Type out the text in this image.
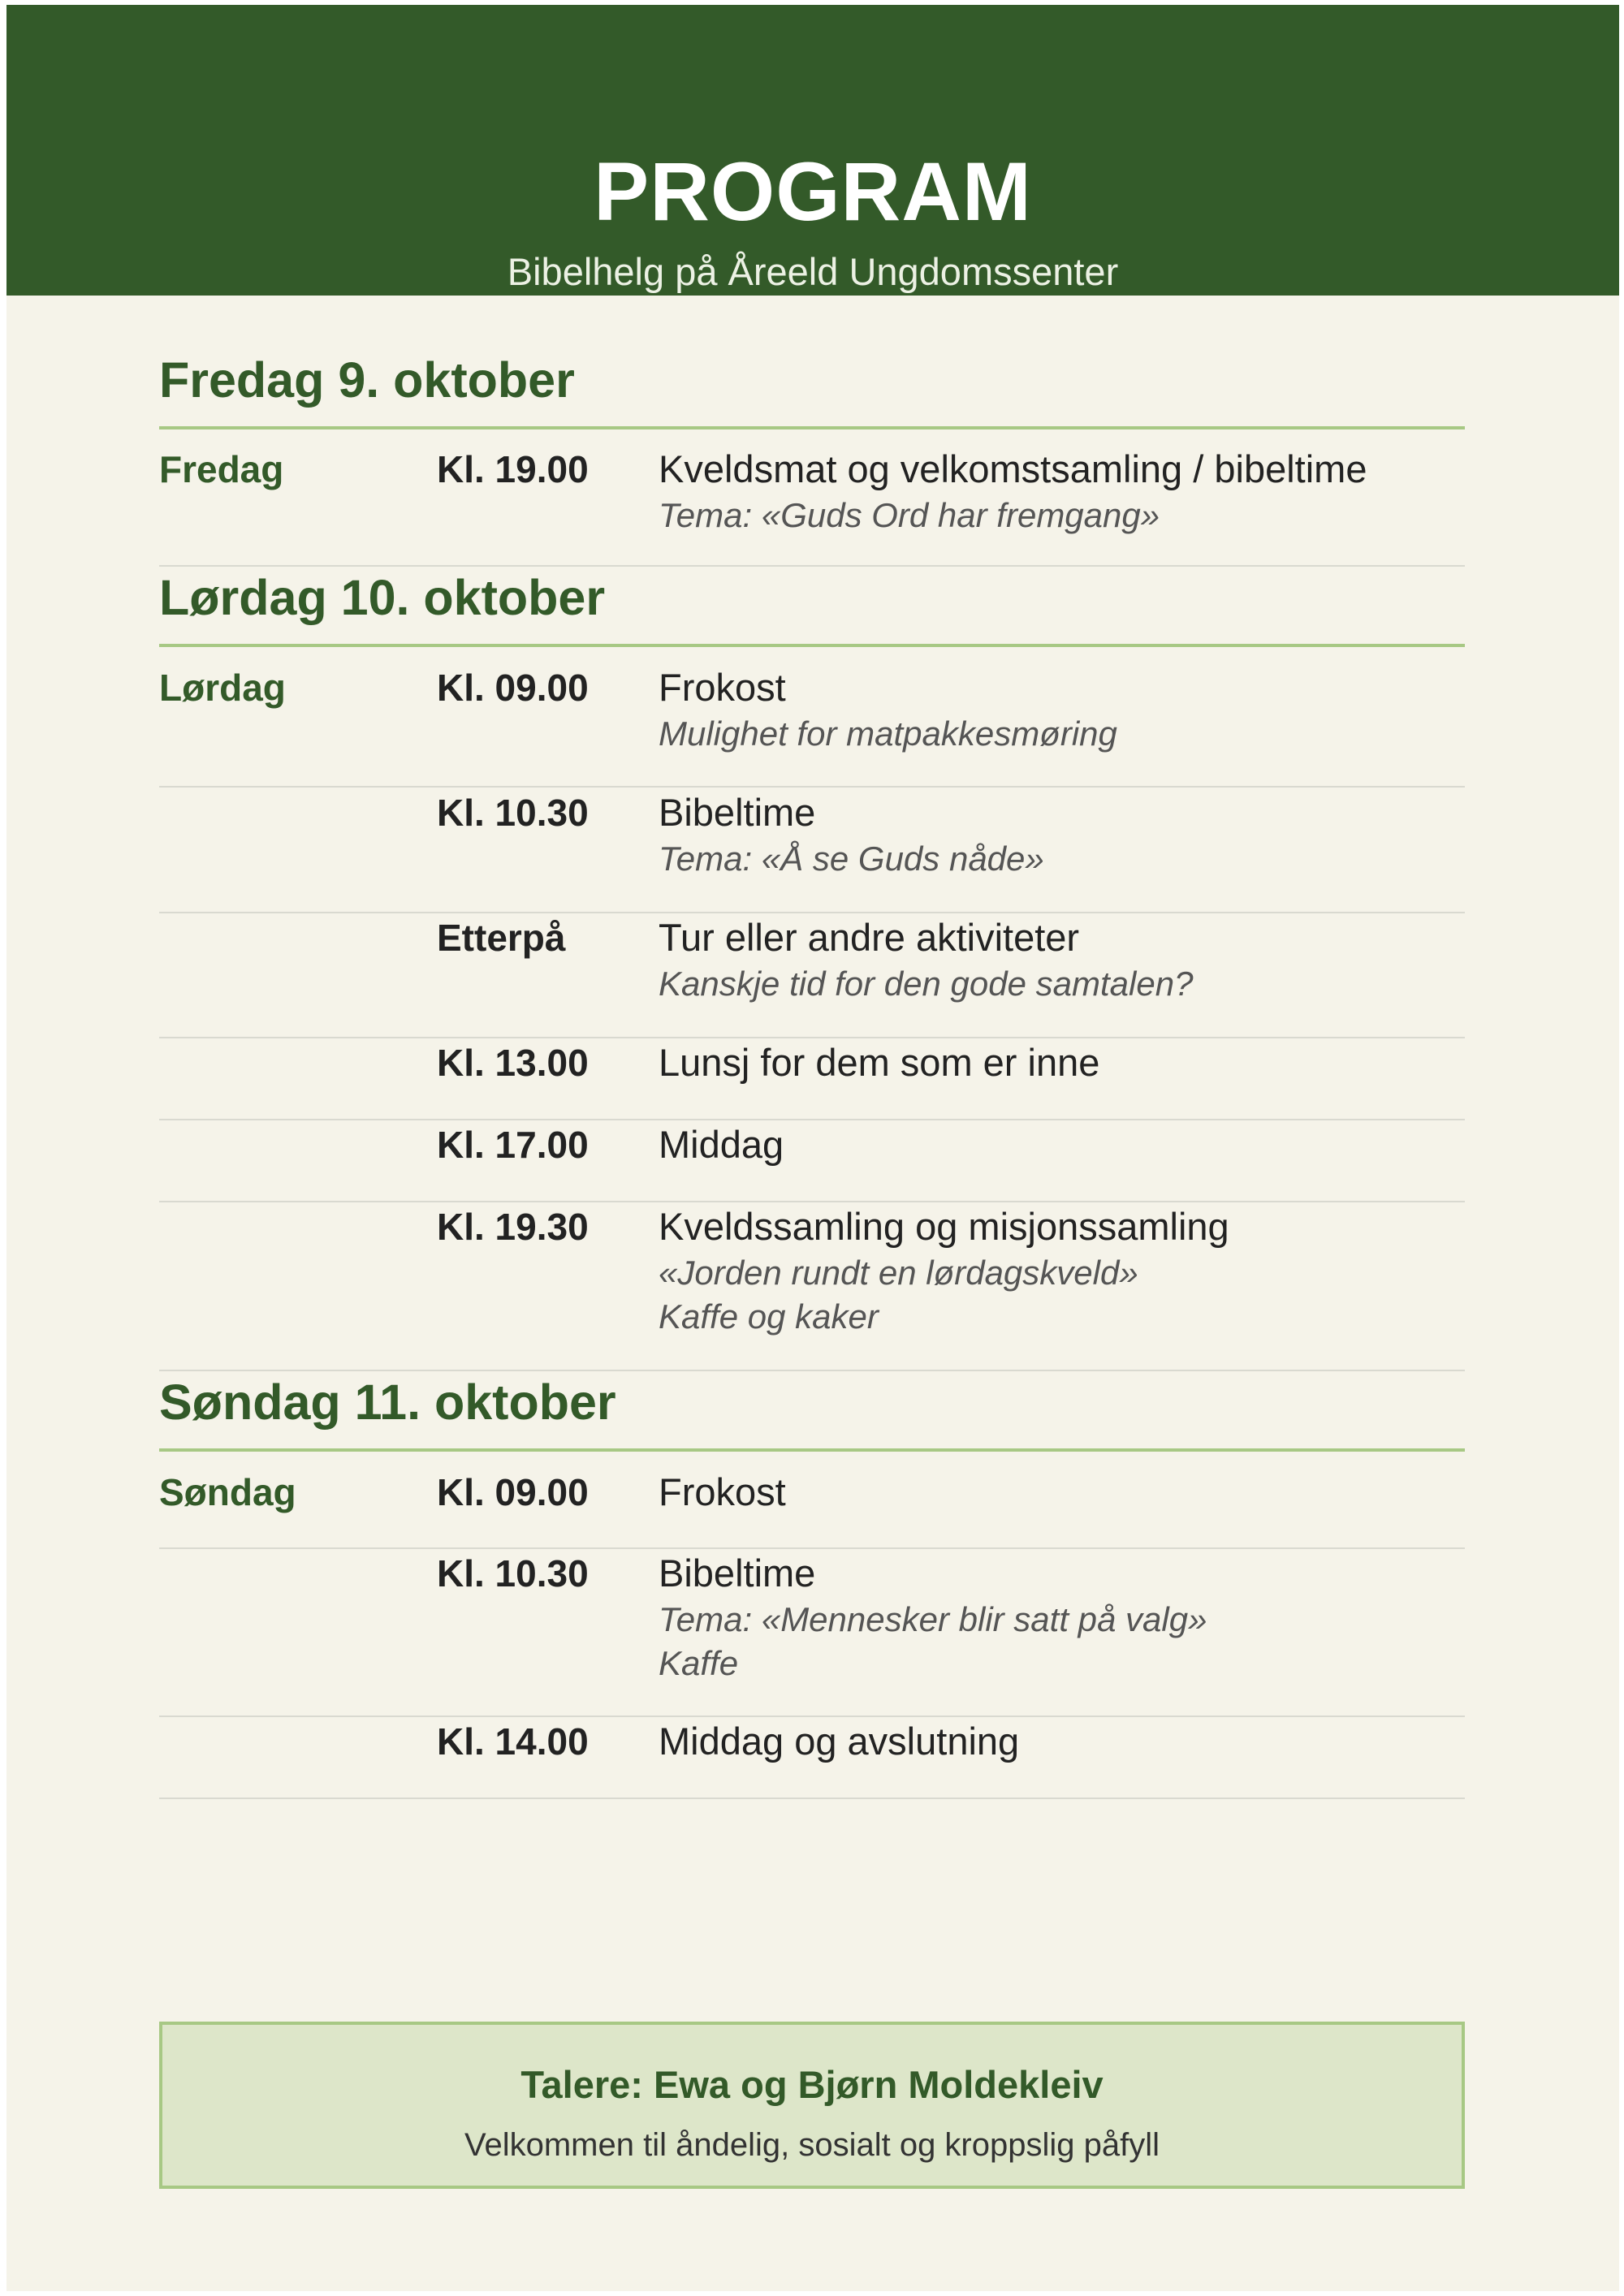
PROGRAM
Bibelhelg på Åreeld Ungdomssenter
Fredag 9. oktober
Fredag	Kl. 19.00 Kveldsmat og velkomstsamling / bibeltime
Tema: «Guds Ord har fremgang»
Lørdag 10. oktober
Lørdag	Kl. 09.00 Frokost
Mulighet for matpakkesmøring
Kl. 10.30 Bibeltime
Tema: «Å se Guds nåde»
Etterpå Tur eller andre aktiviteter
Kanskje tid for den gode samtalen?
Kl. 13.00 Lunsj for dem som er inne
Kl. 17.00 Middag
Kl. 19.30 Kveldssamling og misjonssamling
«Jorden rundt en lørdagskveld»
Kaffe og kaker
Søndag 11. oktober
Søndag	Kl. 09.00 Frokost
Kl. 10.30 Bibeltime
Tema: «Mennesker blir satt på valg»
Kaffe
Kl. 14.00 Middag og avslutning
Talere: Ewa og Bjørn Moldekleiv
Velkommen til åndelig, sosialt og kroppslig påfyll
